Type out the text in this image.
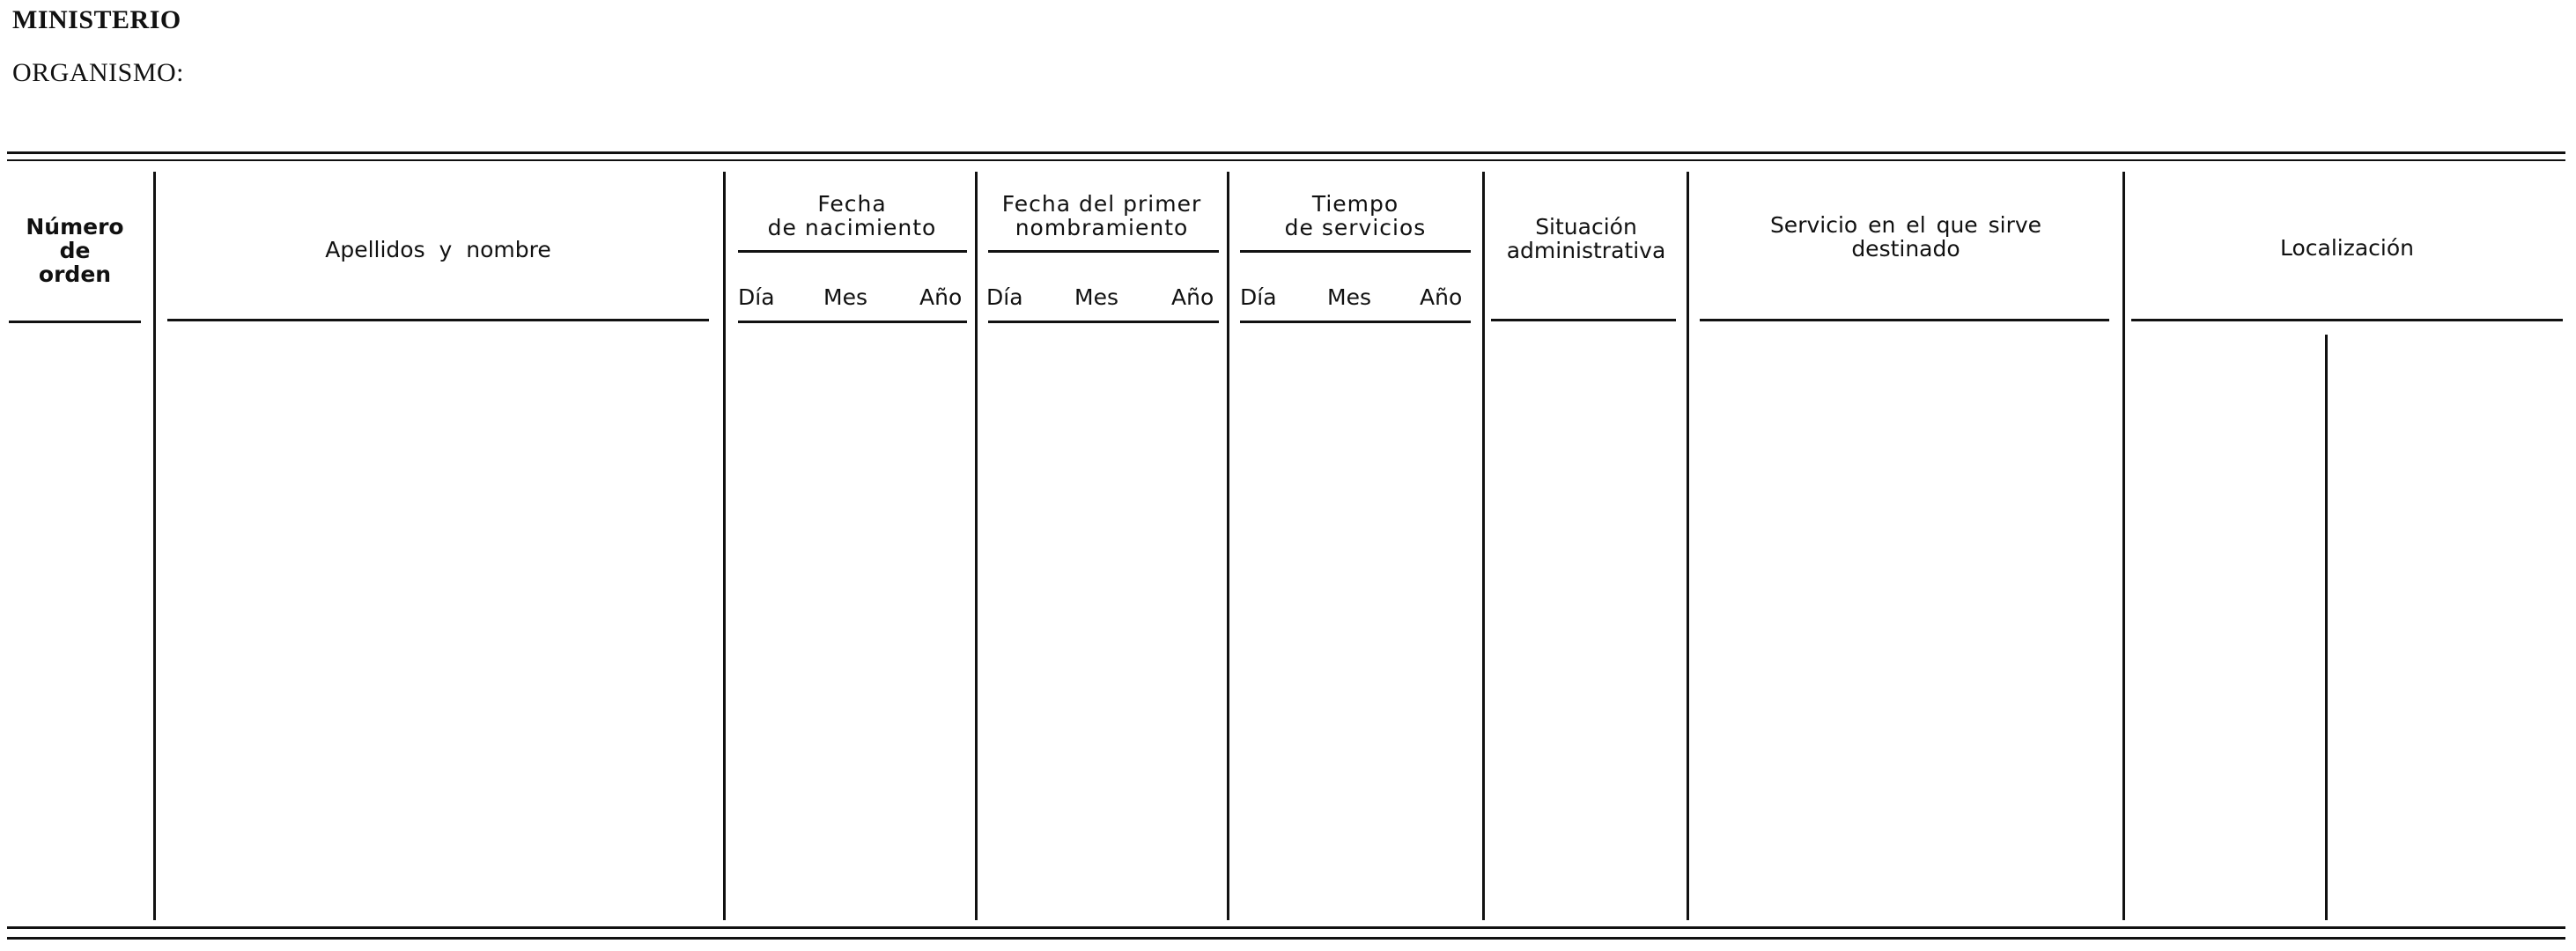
MINISTERIO
ORGANISMO:
Número
de
orden
Apellidos y nombre
Fecha
de nacimiento
Día Mes Año
Fecha del primer
nombramiento
Día Mes Año
Tiempo
de servicios
Día Mes Año
Situación
administrativa
Servicio en el que sirve
destinado	Localización
